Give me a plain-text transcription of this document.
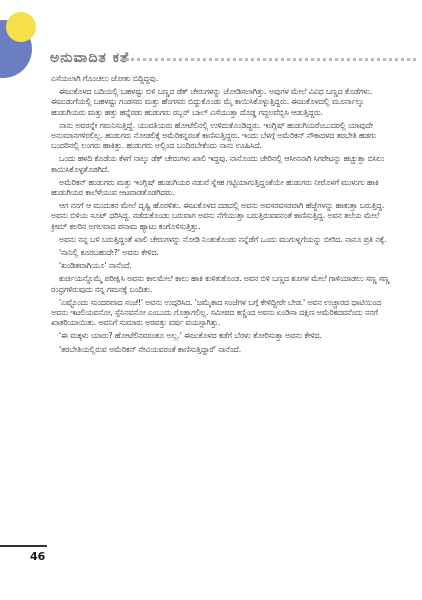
ಅನುವಾದಿತ ಕತೆ

ಎಸೆಯಲಾಗಿ ಗೊಂಚಲು ಜೋತು ಬಿದ್ದಿದ್ದವು.

ಈಜುಕೊಳದ ಬದಿಯಲ್ಲಿ ಬಹಳಷ್ಟು ಬಿಳಿ ಬಣ್ಣದ ಡೆಕ್ ಚೇರುಗಳನ್ನು ಜೋಡಿಸಲಾಗಿತ್ತು. ಅವುಗಳ ಮೇಲೆ ವಿವಿಧ ಬಣ್ಣದ ಕೊಡೆಗಳು. ಈಜುಡುಗೆಯಲ್ಲಿ ಬಹಳಷ್ಟು ಗಂಡಸರು ಮತ್ತು ಹೆಂಗಸರು ಬಿದ್ದುಕೊಂಡು ಮೈ ಕಾಯಿಸಿಕೊಳ್ಳುತ್ತಿದ್ದರು. ಈಜುಕೊಳದಲ್ಲಿ ಮೂರ್ನಾಲ್ಕು ಹುಡುಗಿಯರು ಮತ್ತು ಹತ್ತು ಹನ್ನೆರಡು ಹುಡುಗರು ರಬ್ಬರ್ ಬಾಲ್ ಎಸೆಯುತ್ತಾ ದೊಡ್ಡ ಗದ್ದಲವೆಬ್ಬಿಸಿ ಆಡುತ್ತಿದ್ದರು.

ನಾನು ಅವರನ್ನೇ ಗಮನಿಸುತ್ತಿದ್ದೆ. ಯುವತಿಯರು ಹೋಟೆಲಿನಲ್ಲಿ ಉಳಿದುಕೊಂಡಿದ್ದರು. ಇಂಗ್ಲಿಷ್ ಹುಡುಗಿಯರೆಂಬುದರಲ್ಲಿ ಯಾವುದೇ ಅನುಮಾನಗಳಿರಲಿಲ್ಲ. ಹುಡುಗರು ನೋಡಲಿಕ್ಕೆ ಅಮೆರಿಕನ್ನರಂತೆ ಕಾಣಿಸುತ್ತಿದ್ದರು. ಇಂದು ಬೆಳಗ್ಗೆ ಅಮೆರಿಕನ್ ನೌಕಾದಳದ ತರಬೇತಿ ಹಡಗು ಬಂದರಿನಲ್ಲಿ ಲಂಗರು ಹಾಕಿತ್ತು. ಹುಡುಗರು ಅಲ್ಲಿಂದ ಬಂದಿರಬೇಕೆಂದು ನಾನು ಊಹಿಸಿದೆ.

ಒಂದು ಹಳದಿ ಕೊಡೆಯ ಕೆಳಗೆ ನಾಲ್ಕು ಡೆಕ್ ಚೇರುಗಳು ಖಾಲಿ ಇದ್ದವು. ನಾನೊಂದು ಚೇರಿನಲ್ಲಿ ಆಸೀನನಾಗಿ ಸಿಗರೇಟನ್ನು ಹಚ್ಚುತ್ತಾ ಬಿಸಿಲು ಕಾಯಿಸಿಕೊಳ್ಳತೊಡಗಿದೆ.

ಅಮೆರಿಕನ್ ಹುಡುಗರು ಮತ್ತು ಇಂಗ್ಲಿಷ್ ಹುಡುಗಿಯರ ನಡುವೆ ಸ್ನೇಹ ಗಟ್ಟಿಯಾಗುತ್ತಿದ್ದಂತೆಯೇ ಹುಡುಗರು ನೀರೊಳಗೆ ಮುಳುಗು ಹಾಕಿ ಹುಡುಗಿಯರ ಕಾಲೆಳೆಯುವ ಆಟವಾಡತೊಡಗಿದರು.

ಆಗ ನನಗೆ ಆ ಮುದುಕನ ಮೇಲೆ ದೃಷ್ಟಿ ಹೊರಳಿತು. ಈಜುಕೊಳದ ದಡದಲ್ಲಿ ಅವನು ಅವಸರವಸರವಾಗಿ ಹೆಜ್ಜೆಗಳನ್ನು ಹಾಕುತ್ತಾ ಬರುತ್ತಿದ್ದ. ಅವನು ಬಿಳಿಯ ಸೂಟ್ ಧರಿಸಿದ್ದ. ನಡೆದುಕೊಂಡು ಬರುವಾಗ ಅವನು ನೆಗೆಯುತ್ತಾ ಬರುತ್ತಿರುವವನಂತೆ ಕಾಣಿಸುತ್ತಿದ್ದ. ಅವನ ತಲೆಯ ಮೇಲೆ ಕ್ರೀಮ್ ಕಲರಿನ ಅಗಲವಾದ ಪನಾಮ ಹ್ಯಾಟು ಕಂಗೊಳಿಸುತ್ತಿತ್ತು.

ಅವನು ನನ್ನ ಬಳಿ ಬರುತ್ತಿದ್ದಂತೆ ಖಾಲಿ ಚೇರುಗಳನ್ನು ನೋಡಿ ನಿಂತುಕೊಂಡು ನನ್ನೆಡೆಗೆ ಒಂದು ಮುಗುಳ್ನಗೆಯನ್ನು ಬೀರಿದ. ನಾನೂ ಪ್ರತಿ ನಕ್ಕೆ.

'ನಾನಿಲ್ಲಿ ಕೂರಬಹುದೇ?' ಅವನು ಕೇಳಿದ.

'ಖಂಡಿತವಾಗಿಯೂ' ನಾನೆಂದೆ.

ಕುರ್ಚಿಯನ್ನೊಮ್ಮೆ ಪರೀಕ್ಷಿಸಿ ಅವನು ಕಾಲಮೇಲೆ ಕಾಲು ಹಾಕಿ ಕುಳಿತುಕೊಂಡ. ಅವನ ಬಿಳಿ ಬಣ್ಣದ ಶೂಗಳ ಮೇಲೆ ಗಾಳಿಯಾಡಲು ಸಣ್ಣ ಸಣ್ಣ ರಂಧ್ರಗಳಿರುವುದು ನನ್ನ ಗಮನಕ್ಕೆ ಬಂದಿತು.

'ಎಷ್ಟೊಂದು ಸುಂದರವಾದ ಸಂಜೆ!' ಅವನು ಉದ್ಗರಿಸಿದ. 'ಜಮೈಕಾದ ಸಂಜೆಗಳ ಬಗ್ಗೆ ಕೇಳಿದ್ದೀರೇ ಬೇಡ.' ಅವನ ಉಚ್ಚಾರದ ಧಾಟಿಯಿಂದ ಅವನು ಇಟಲಿಯವನೋ, ಸ್ಪೆನಿನವನೋ ಎಂಬುದು ಗೊತ್ತಾಗಲಿಲ್ಲ. ಸಮೀಪದ ಕಣ್ಣಿಂದ ಅವನು ಏಂಡಿಸಾ ದಕ್ಷಿಣ ಅಮೆರಿಕದವನೆಂದು ನನಗೆ ಖಾತರಿಯಾಯಿತು. ಅವನಿಗೆ ಸುಮಾರು ಅರವತ್ತು ವರ್ಷ ವಯಸ್ಸಾಗಿತ್ತು.

'ಈ ಮಕ್ಕಳು ಯಾರು? ಹೋಟೆಲಿನವರಂತೂ ಅಲ್ಲ.' ಈಜುಕೊಳದ ಕಡೆಗೆ ಬೆರಳು ತೋರಿಸುತ್ತಾ ಅವನು ಕೇಳಿದ.

'ತರಬೇತಿಯಲ್ಲಿರುವ ಅಮೆರಿಕನ್ ನೇವಿಯವರಂತೆ ಕಾಣಿಸುತ್ತಿದ್ದಾರೆ' ನಾನೆಂದೆ.

46
